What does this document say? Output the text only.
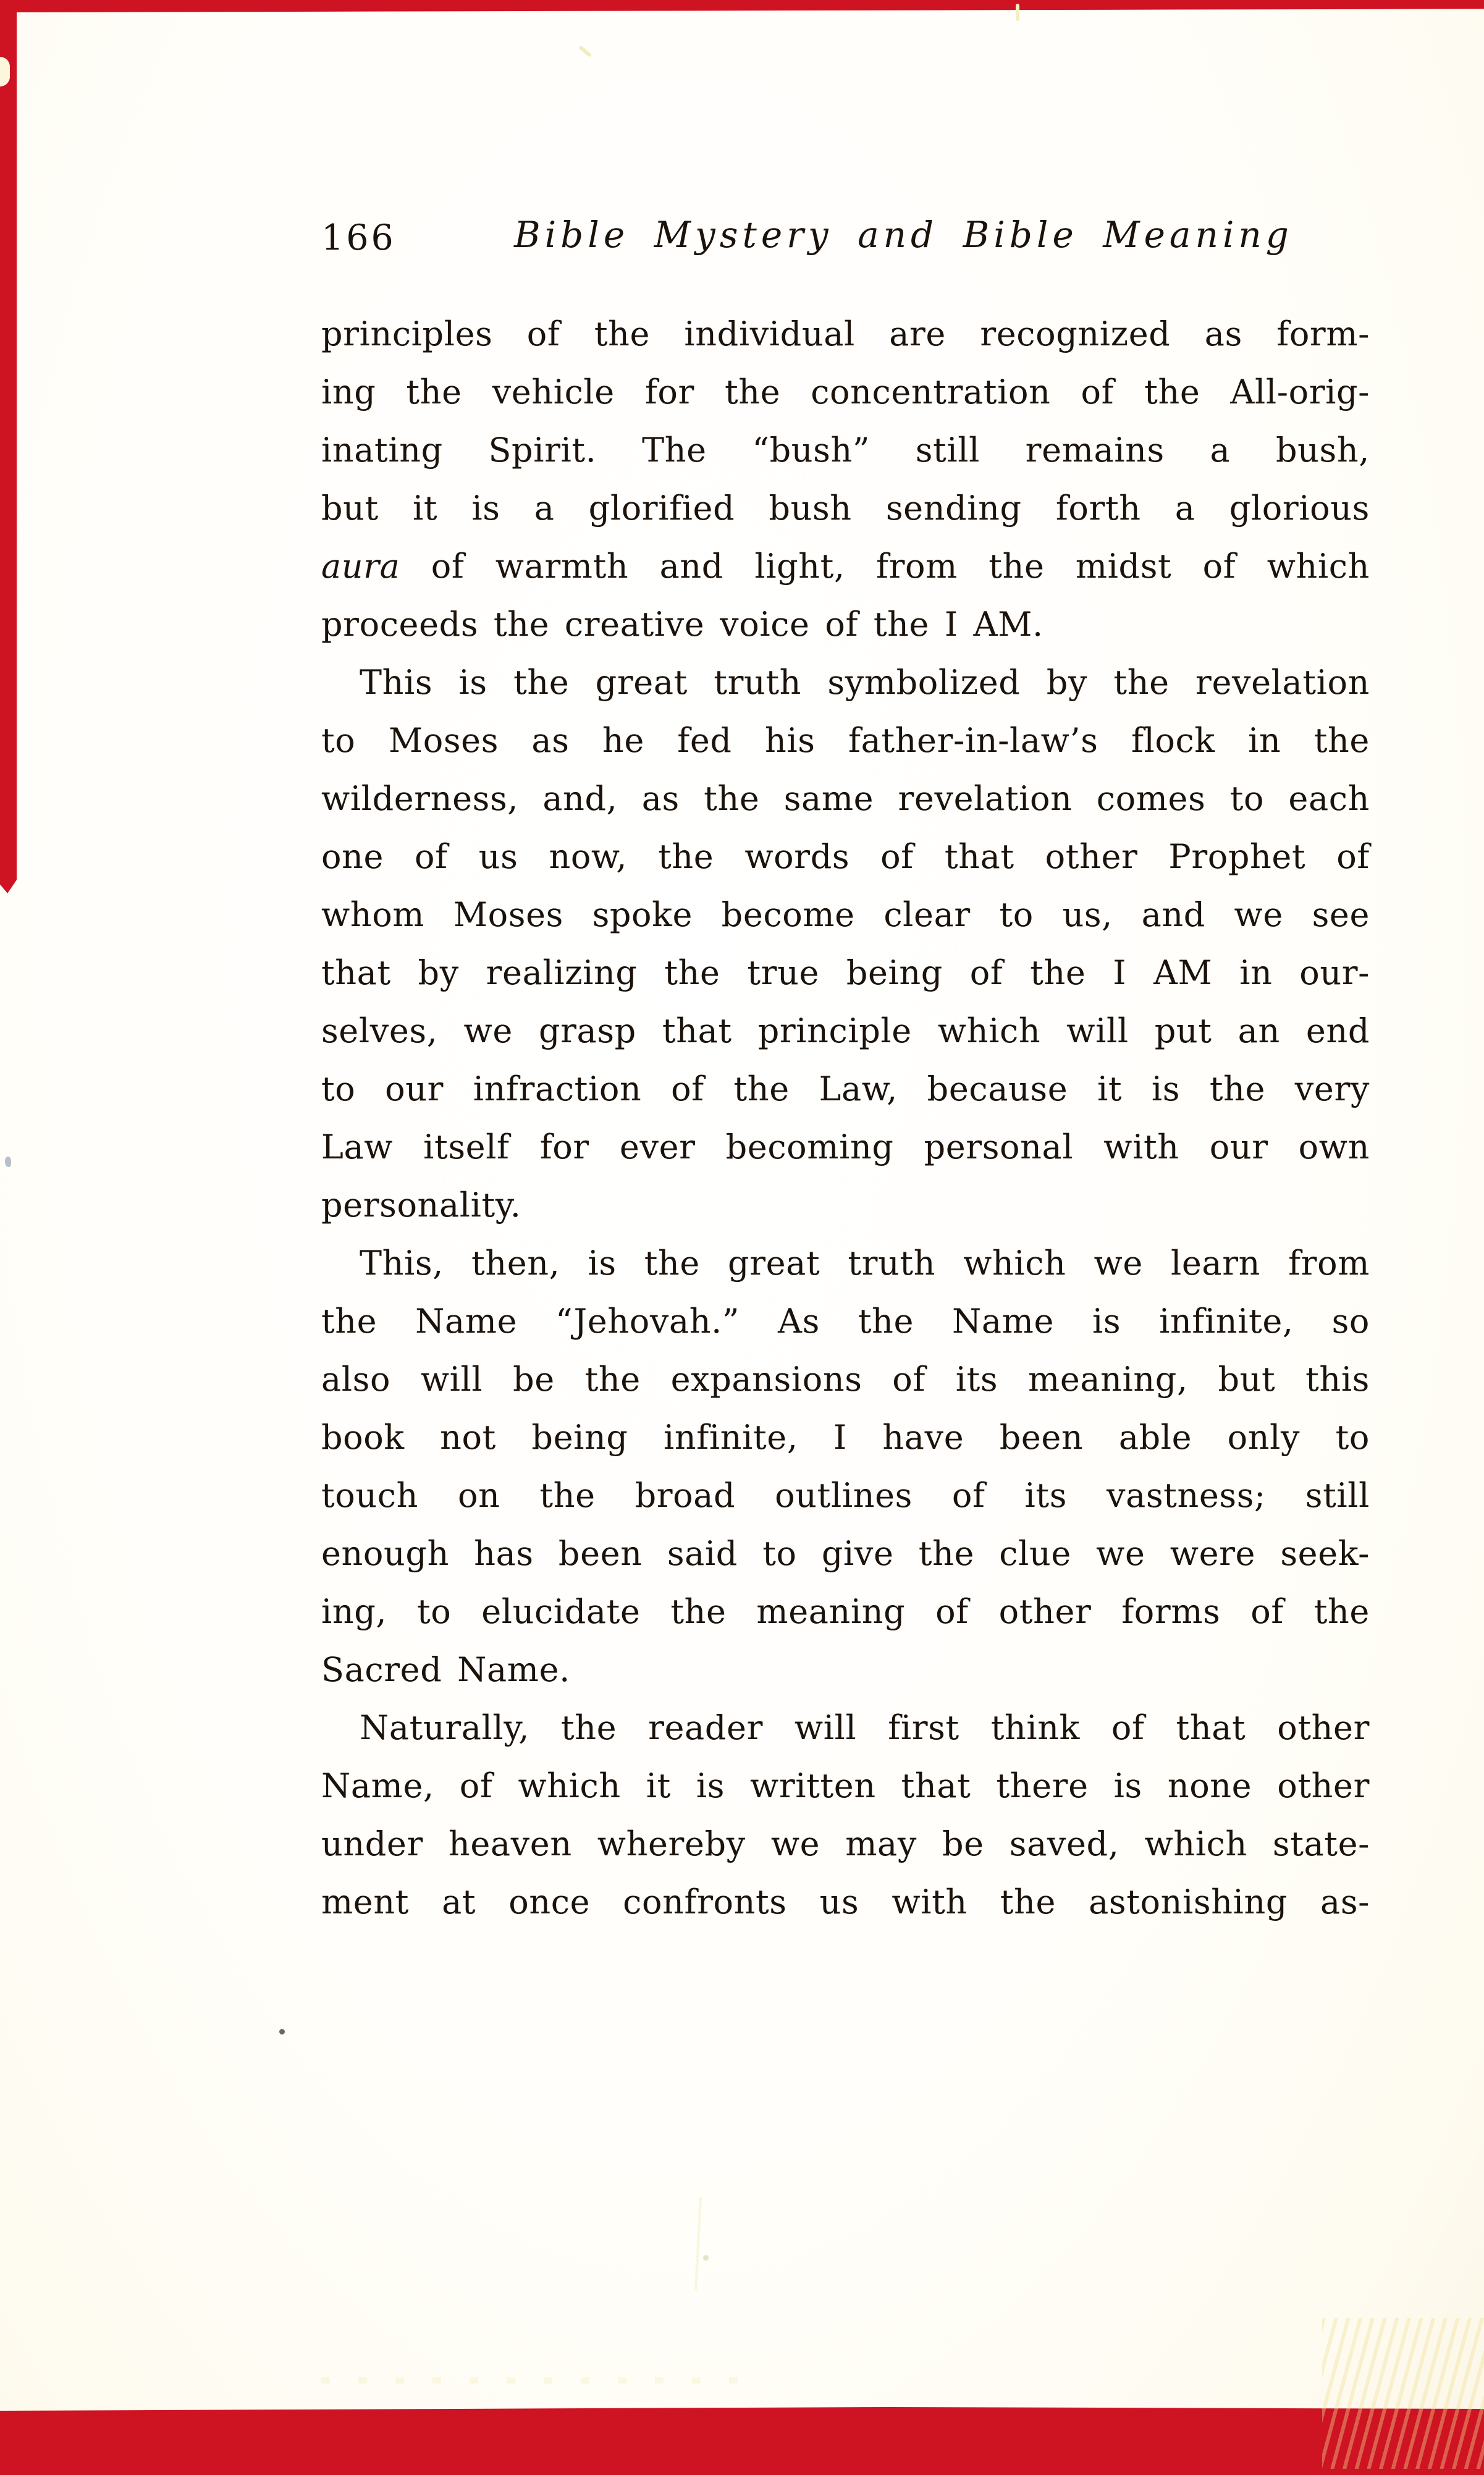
166	Bible Mystery and Bible Meaning
principles of the individual are recognized as form-
ing the vehicle for the concentration of the All-orig-
inating Spirit. The “bush” still remains a bush,
but it is a glorified bush sending forth a glorious
aura of warmth and light, from the midst of which
proceeds the creative voice of the I AM.
This is the great truth symbolized by the revelation
to Moses as he fed his father-in-law’s flock in the
wilderness, and, as the same revelation comes to each
one of us now, the words of that other Prophet of
whom Moses spoke become clear to us, and we see
that by realizing the true being of the I AM in our-
selves, we grasp that principle which will put an end
to our infraction of the Law, because it is the very
Law itself for ever becoming personal with our own
personality.
This, then, is the great truth which we learn from
the Name “Jehovah.” As the Name is infinite, so
also will be the expansions of its meaning, but this
book not being infinite, I have been able only to
touch on the broad outlines of its vastness; still
enough has been said to give the clue we were seek-
ing, to elucidate the meaning of other forms of the
Sacred Name.
Naturally, the reader will first think of that other
Name, of which it is written that there is none other
under heaven whereby we may be saved, which state-
ment at once confronts us with the astonishing as-
